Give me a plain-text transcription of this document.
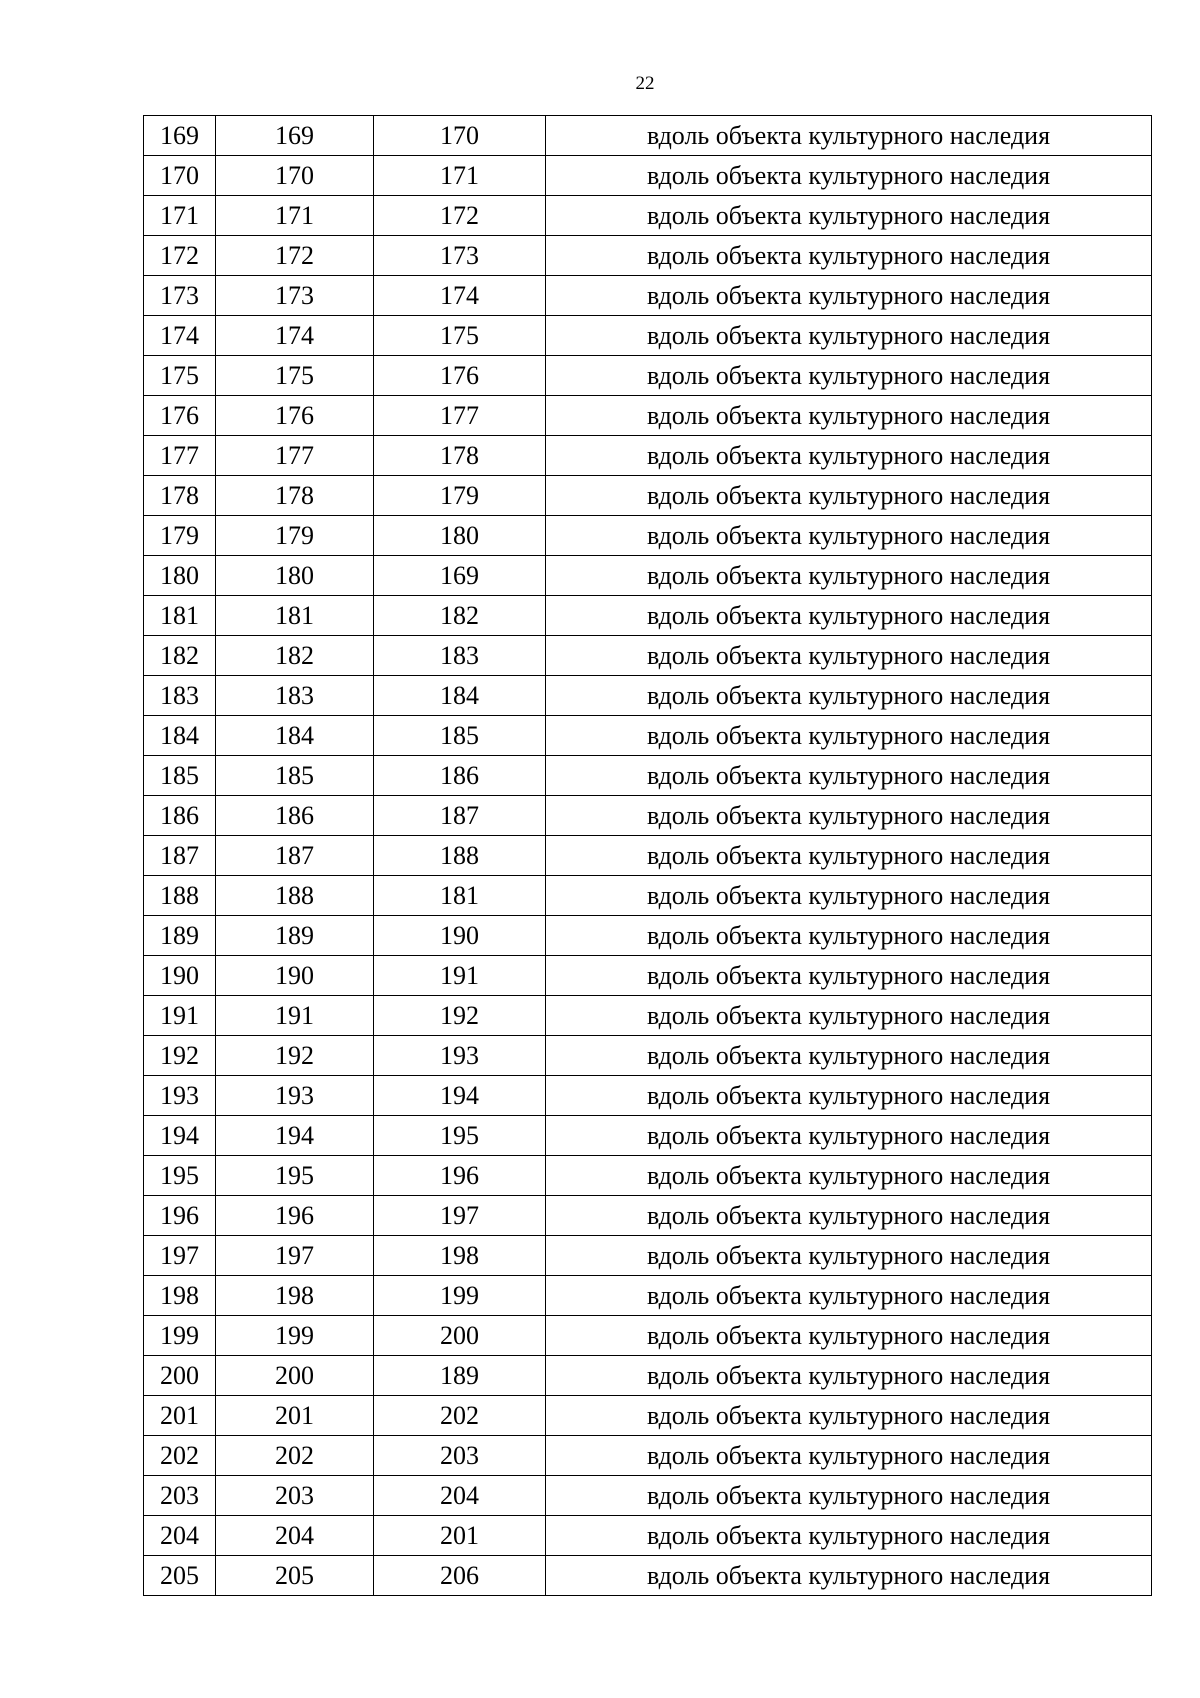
22
169	169	170	вдоль объекта культурного наследия
170	170	171	вдоль объекта культурного наследия
171	171	172	вдоль объекта культурного наследия
172	172	173	вдоль объекта культурного наследия
173	173	174	вдоль объекта культурного наследия
174	174	175	вдоль объекта культурного наследия
175	175	176	вдоль объекта культурного наследия
176	176	177	вдоль объекта культурного наследия
177	177	178	вдоль объекта культурного наследия
178	178	179	вдоль объекта культурного наследия
179	179	180	вдоль объекта культурного наследия
180	180	169	вдоль объекта культурного наследия
181	181	182	вдоль объекта культурного наследия
182	182	183	вдоль объекта культурного наследия
183	183	184	вдоль объекта культурного наследия
184	184	185	вдоль объекта культурного наследия
185	185	186	вдоль объекта культурного наследия
186	186	187	вдоль объекта культурного наследия
187	187	188	вдоль объекта культурного наследия
188	188	181	вдоль объекта культурного наследия
189	189	190	вдоль объекта культурного наследия
190	190	191	вдоль объекта культурного наследия
191	191	192	вдоль объекта культурного наследия
192	192	193	вдоль объекта культурного наследия
193	193	194	вдоль объекта культурного наследия
194	194	195	вдоль объекта культурного наследия
195	195	196	вдоль объекта культурного наследия
196	196	197	вдоль объекта культурного наследия
197	197	198	вдоль объекта культурного наследия
198	198	199	вдоль объекта культурного наследия
199	199	200	вдоль объекта культурного наследия
200	200	189	вдоль объекта культурного наследия
201	201	202	вдоль объекта культурного наследия
202	202	203	вдоль объекта культурного наследия
203	203	204	вдоль объекта культурного наследия
204	204	201	вдоль объекта культурного наследия
205	205	206	вдоль объекта культурного наследия
